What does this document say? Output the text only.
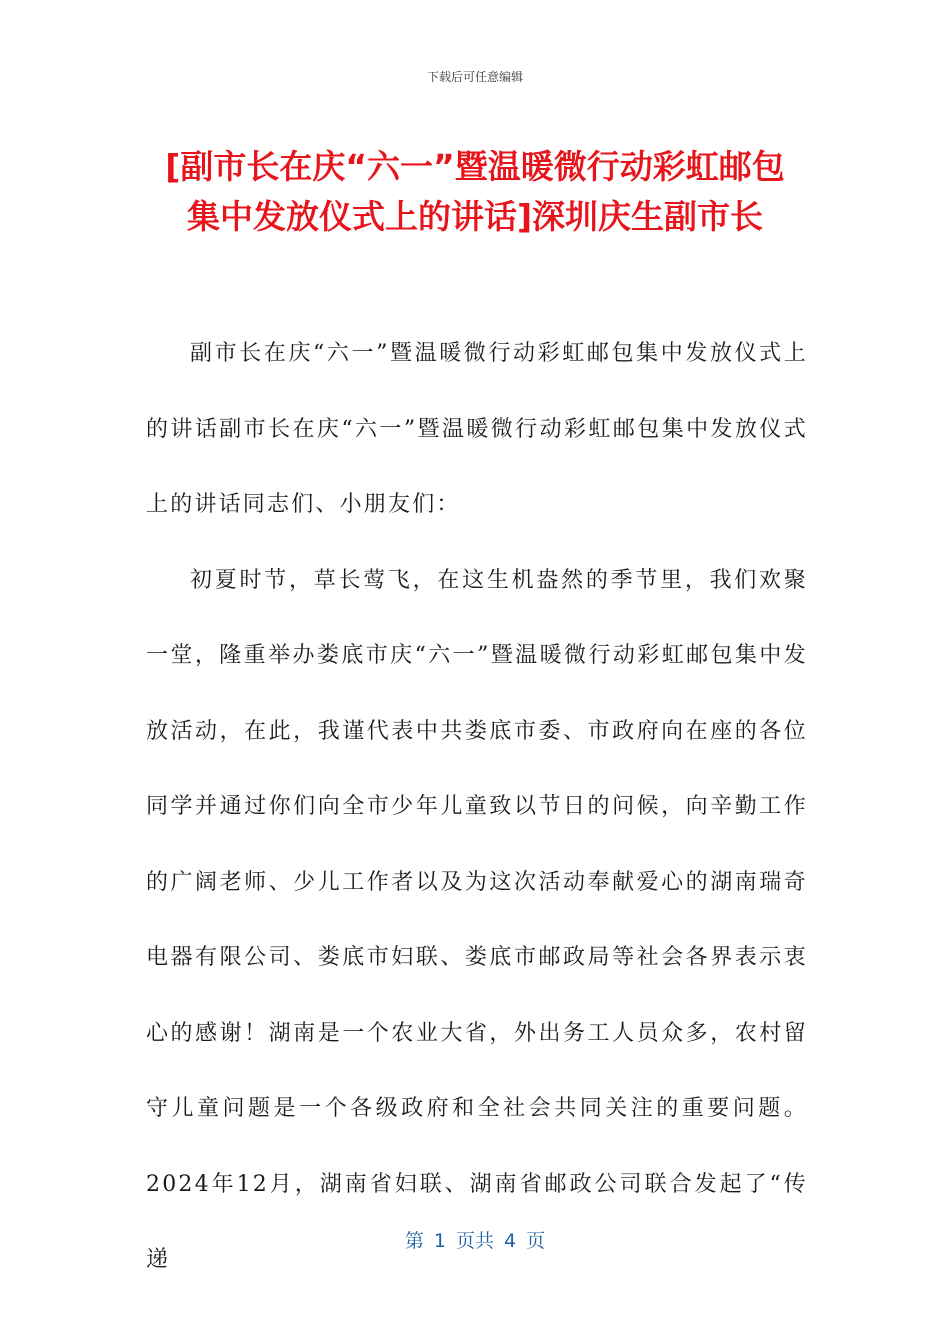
下载后可任意编辑
[副市长在庆“六一”暨温暖微行动彩虹邮包
集中发放仪式上的讲话]深圳庆生副市长

副市长在庆“六一”暨温暖微行动彩虹邮包集中发放仪式上的讲话副市长在庆“六一”暨温暖微行动彩虹邮包集中发放仪式上的讲话同志们、小朋友们：

初夏时节，草长莺飞，在这生机盎然的季节里，我们欢聚一堂，隆重举办娄底市庆“六一”暨温暖微行动彩虹邮包集中发放活动，在此，我谨代表中共娄底市委、市政府向在座的各位同学并通过你们向全市少年儿童致以节日的问候，向辛勤工作的广阔老师、少儿工作者以及为这次活动奉献爱心的湖南瑞奇电器有限公司、娄底市妇联、娄底市邮政局等社会各界表示衷心的感谢！湖南是一个农业大省，外出务工人员众多，农村留守儿童问题是一个各级政府和全社会共同关注的重要问题。2024年12月，湖南省妇联、湖南省邮政公司联合发起了“传递

第 1 页共 4 页
